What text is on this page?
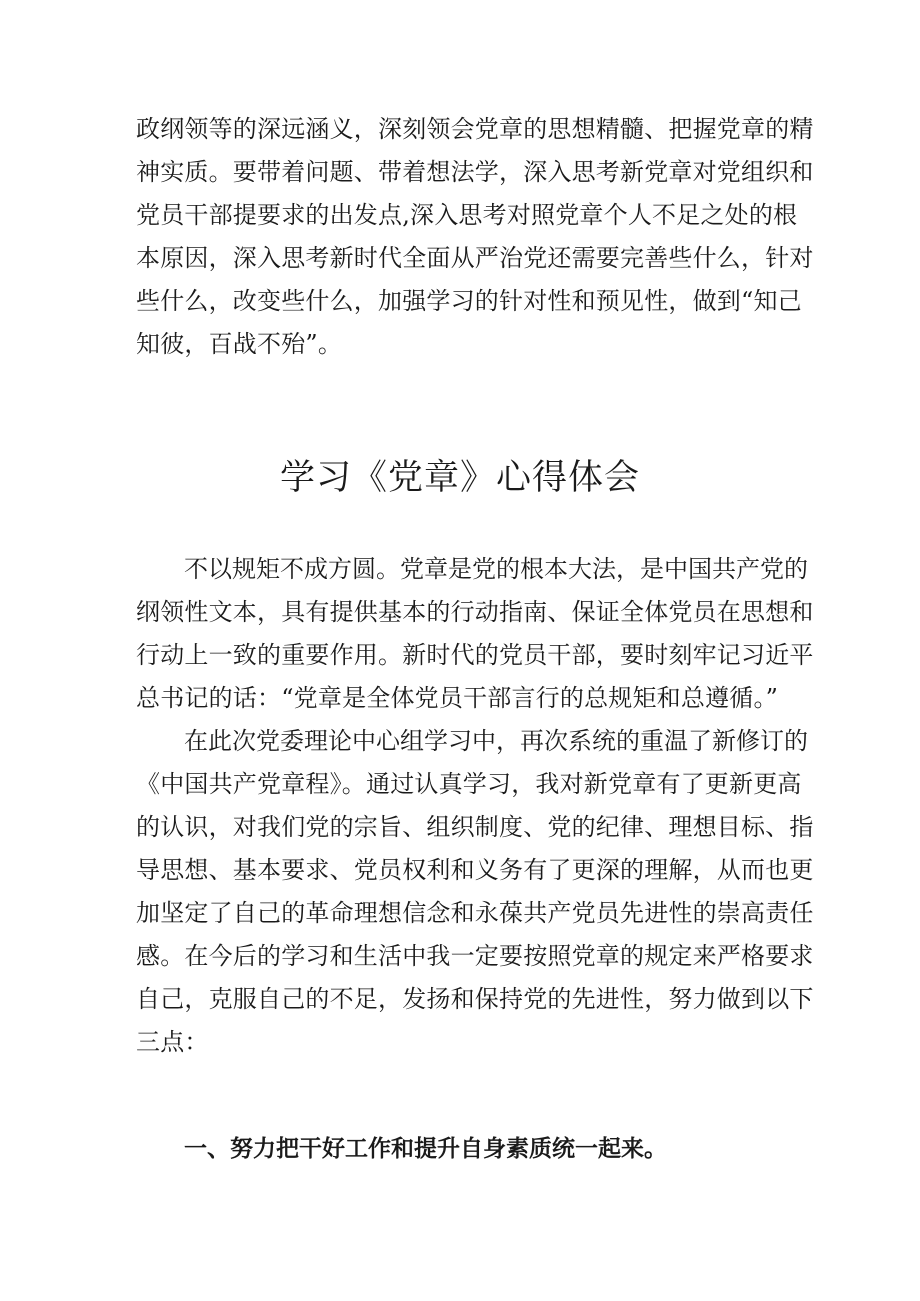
政纲领等的深远涵义，深刻领会党章的思想精髓、把握党章的精
神实质。要带着问题、带着想法学，深入思考新党章对党组织和
党员干部提要求的出发点,深入思考对照党章个人不足之处的根
本原因，深入思考新时代全面从严治党还需要完善些什么，针对
些什么，改变些什么，加强学习的针对性和预见性，做到“知己
知彼，百战不殆”。
学习《党章》心得体会
不以规矩不成方圆。党章是党的根本大法，是中国共产党的
纲领性文本，具有提供基本的行动指南、保证全体党员在思想和
行动上一致的重要作用。新时代的党员干部，要时刻牢记习近平
总书记的话：“党章是全体党员干部言行的总规矩和总遵循。”
在此次党委理论中心组学习中，再次系统的重温了新修订的
《中国共产党章程》。通过认真学习，我对新党章有了更新更高
的认识，对我们党的宗旨、组织制度、党的纪律、理想目标、指
导思想、基本要求、党员权利和义务有了更深的理解，从而也更
加坚定了自己的革命理想信念和永葆共产党员先进性的崇高责任
感。在今后的学习和生活中我一定要按照党章的规定来严格要求
自己，克服自己的不足，发扬和保持党的先进性，努力做到以下
三点：
一、努力把干好工作和提升自身素质统一起来。
